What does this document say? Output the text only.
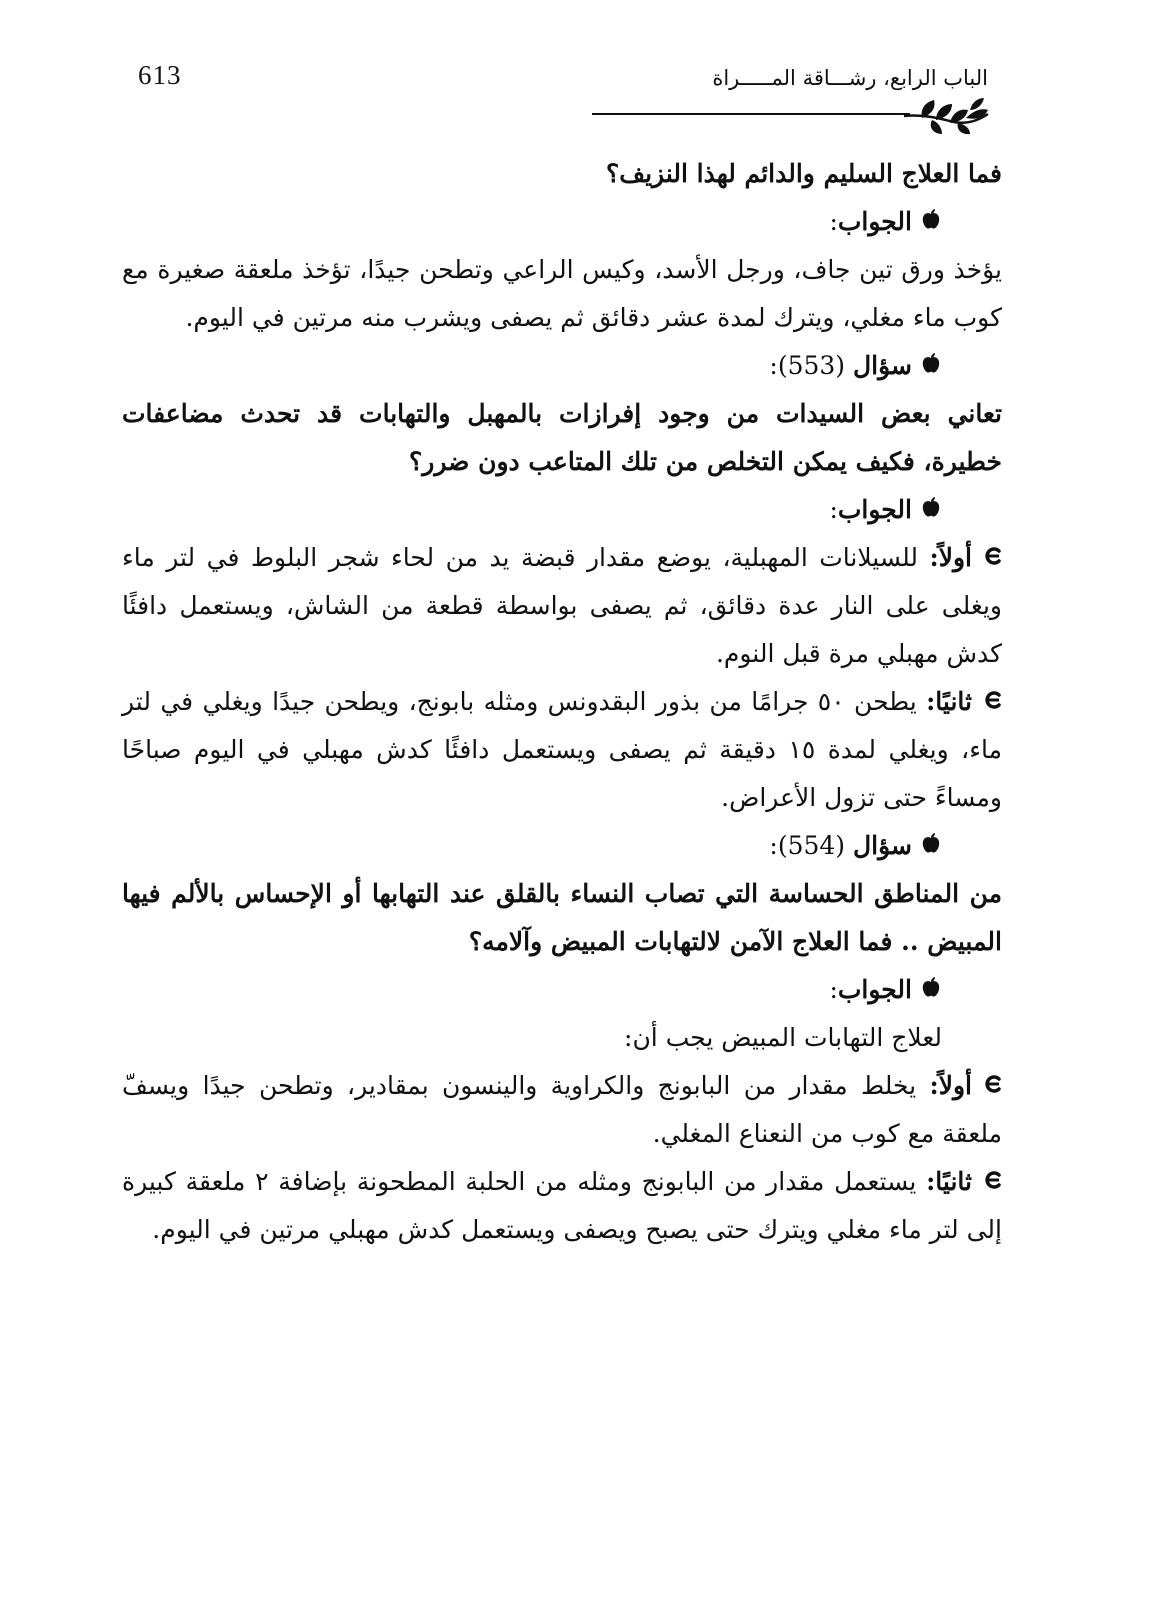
613	الباب الرابع، رشـــاقة المـــــراة

فما العلاج السليم والدائم لهذا النزيف؟

الجواب:

يؤخذ ورق تين جاف، ورجل الأسد، وكيس الراعي وتطحن جيدًا، تؤخذ ملعقة صغيرة مع كوب ماء مغلي، ويترك لمدة عشر دقائق ثم يصفى ويشرب منه مرتين في اليوم.

سؤال (553):

تعاني بعض السيدات من وجود إفرازات بالمهبل والتهابات قد تحدث مضاعفات خطيرة، فكيف يمكن التخلص من تلك المتاعب دون ضرر؟

الجواب:

أولاً: للسيلانات المهبلية، يوضع مقدار قبضة يد من لحاء شجر البلوط في لتر ماء ويغلى على النار عدة دقائق، ثم يصفى بواسطة قطعة من الشاش، ويستعمل دافئًا كدش مهبلي مرة قبل النوم.

ثانيًا: يطحن ٥٠ جرامًا من بذور البقدونس ومثله بابونج، ويطحن جيدًا ويغلي في لتر ماء، ويغلي لمدة ١٥ دقيقة ثم يصفى ويستعمل دافئًا كدش مهبلي في اليوم صباحًا ومساءً حتى تزول الأعراض.

سؤال (554):

من المناطق الحساسة التي تصاب النساء بالقلق عند التهابها أو الإحساس بالألم فيها المبيض .. فما العلاج الآمن لالتهابات المبيض وآلامه؟

الجواب:

لعلاج التهابات المبيض يجب أن:

أولاً: يخلط مقدار من البابونج والكراوية والينسون بمقادير، وتطحن جيدًا ويسفّ ملعقة مع كوب من النعناع المغلي.

ثانيًا: يستعمل مقدار من البابونج ومثله من الحلبة المطحونة بإضافة ٢ ملعقة كبيرة إلى لتر ماء مغلي ويترك حتى يصبح ويصفى ويستعمل كدش مهبلي مرتين في اليوم.
